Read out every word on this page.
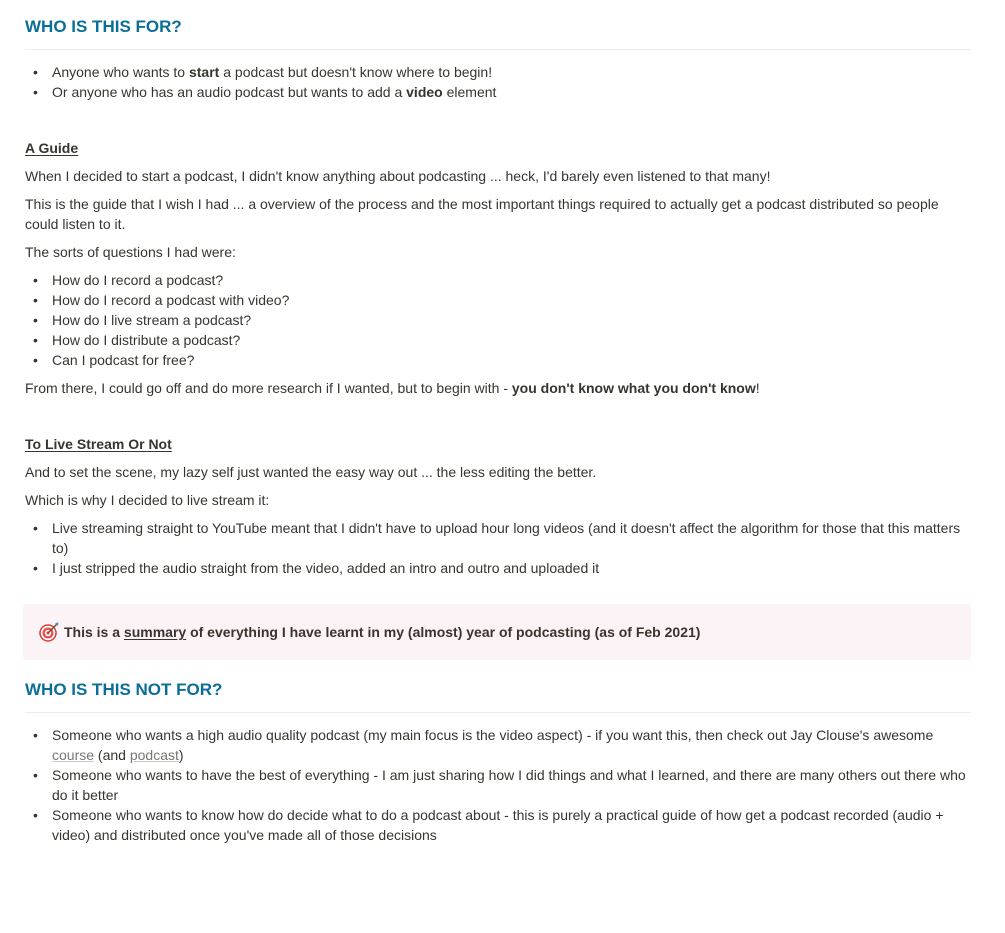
WHO IS THIS FOR?
• Anyone who wants to start a podcast but doesn't know where to begin!
• Or anyone who has an audio podcast but wants to add a video element

A Guide

When I decided to start a podcast, I didn't know anything about podcasting ... heck, I'd barely even listened to that many!

This is the guide that I wish I had ... a overview of the process and the most important things required to actually get a podcast distributed so people could listen to it.

The sorts of questions I had were:

• How do I record a podcast?
• How do I record a podcast with video?
• How do I live stream a podcast?
• How do I distribute a podcast?
• Can I podcast for free?

From there, I could go off and do more research if I wanted, but to begin with - you don't know what you don't know!

To Live Stream Or Not

And to set the scene, my lazy self just wanted the easy way out ... the less editing the better.

Which is why I decided to live stream it:

• Live streaming straight to YouTube meant that I didn't have to upload hour long videos (and it doesn't affect the algorithm for those that this matters to)
• I just stripped the audio straight from the video, added an intro and outro and uploaded it
This is a summary of everything I have learnt in my (almost) year of podcasting (as of Feb 2021)
WHO IS THIS NOT FOR?
• Someone who wants a high audio quality podcast (my main focus is the video aspect) - if you want this, then check out Jay Clouse's awesome course (and podcast)
• Someone who wants to have the best of everything - I am just sharing how I did things and what I learned, and there are many others out there who do it better
• Someone who wants to know how do decide what to do a podcast about - this is purely a practical guide of how get a podcast recorded (audio + video) and distributed once you've made all of those decisions
